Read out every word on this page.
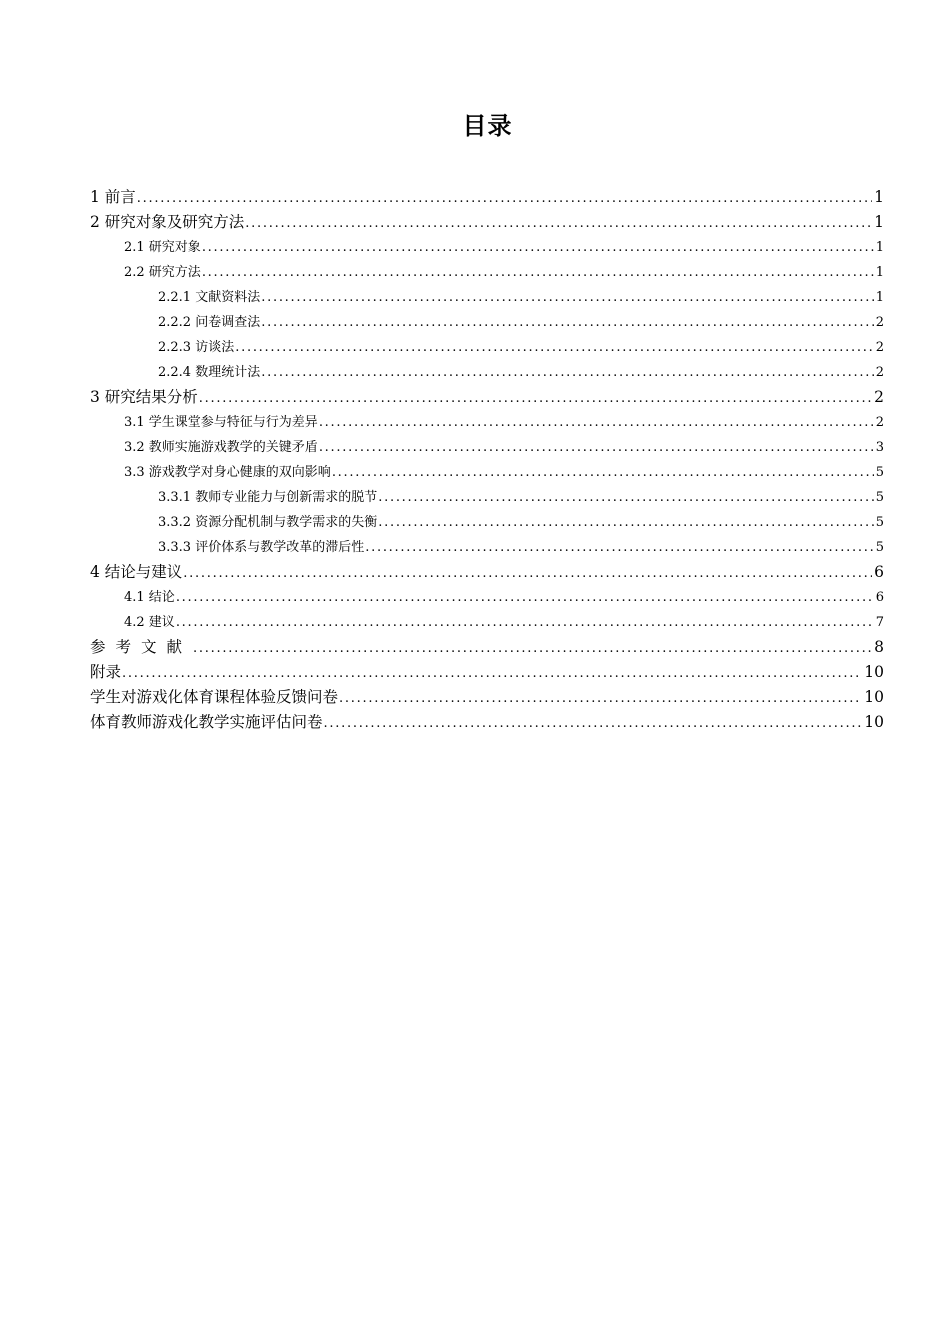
目录
1 前言 . . .	1
2 研究对象及研究方法 . . .	1
2.1 研究对象 . . .	1
2.2 研究方法 . . .	1
2.2.1 文献资料法 . . .	1
2.2.2 问卷调查法 . . .	2
2.2.3 访谈法 . . .	2
2.2.4 数理统计法 . . .	2
3 研究结果分析 . . .	2
3.1 学生课堂参与特征与行为差异 . . .	2
3.2 教师实施游戏教学的关键矛盾 . . .	3
3.3 游戏教学对身心健康的双向影响 . . .	5
3.3.1 教师专业能力与创新需求的脱节 . . .	5
3.3.2 资源分配机制与教学需求的失衡 . . .	5
3.3.3 评价体系与教学改革的滞后性 . . .	5
4 结论与建议 . . .	6
4.1 结论 . . .	6
4.2 建议 . . .	7
参考文献 . . .	8
附录 . . .	10
学生对游戏化体育课程体验反馈问卷 . . .	10
体育教师游戏化教学实施评估问卷 . . .	10
